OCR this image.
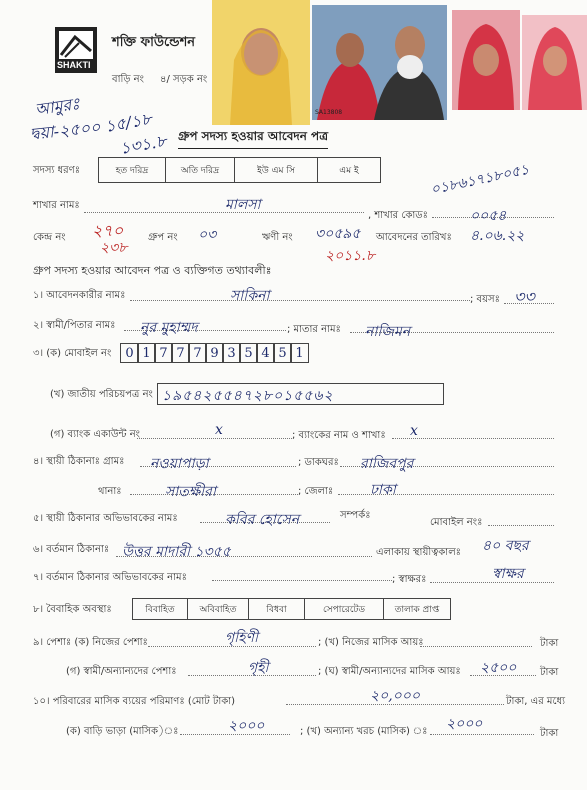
SHAKTI
শক্তি ফাউন্ডেশন
বাড়ি নং ৪/ সড়ক নং
SA13808
আমুরঃ
দ্বয়া-২৫০০ ১৫/১৮
১৩১.৮ গ্রুপ সদস্য হওয়ার আবেদন পত্র
সদস্য ধরণঃ	হত দরিদ্র	অতি দরিদ্র	ইউ এম সি	এম ই	০১৮৬১৭১৮০৫১
শাখার নামঃ	মালসা
, শাখার কোডঃ	০০৫৪
কেন্দ্র নং ২৭০
২৩৮
গ্রুপ নং ০৩	ঋণী নং ৩০৫৯৫
২০১১.৮
আবেদনের তারিখঃ ৪.০৬.২২
গ্রুপ সদস্য হওয়ার আবেদন পত্র ও ব্যক্তিগত তথ্যাবলীঃ
১। আবেদনকারীর নামঃ	সাকিনা	; বয়সঃ ৩৩
২। স্বামী/পিতার নামঃ নুর মুহাম্মদ	; মাতার নামঃ নাজিমন
৩। (ক) মোবাইল নং	0 1 7 7 7 9 3 5 4 5 1
(খ) জাতীয় পরিচয়পত্র নং ১৯৫৪২৫৫৪৭২৮০১৫৫৬২
(গ) ব্যাংক একাউন্ট নং	x	; ব্যাংকের নাম ও শাখাঃ x
৪। স্থায়ী ঠিকানাঃ গ্রামঃ নওয়াপাড়া	; ডাকঘরঃ রাজিবপুর
থানাঃ	সাতক্ষীরা	; জেলাঃ	ঢাকা
৫। স্থায়ী ঠিকানার অভিভাবকের নামঃ	কবির হোসেন	সম্পর্কঃ
মোবাইল নংঃ
৬। বর্তমান ঠিকানাঃ উত্তর মাদারী ১৩৫৫	এলাকায় স্থায়ীত্বকালঃ ৪০ বছর
৭। বর্তমান ঠিকানার অভিভাবকের নামঃ	; স্বাক্ষরঃ	স্বাক্ষর
৮। বৈবাহিক অবস্থাঃ	বিবাহিত	অবিবাহিত	বিধবা	সেপারেটেড	তালাক প্রাপ্ত
৯। পেশাঃ (ক) নিজের পেশাঃ	গৃহিণী	; (খ) নিজের মাসিক আয়ঃ	টাকা
(গ) স্বামী/অন্যান্যদের পেশাঃ	গৃহী	; (ঘ) স্বামী/অন্যান্যদের মাসিক আয়ঃ ২৫০০ টাকা
১০। পরিবারের মাসিক ব্যয়ের পরিমাণঃ (মোট টাকা)	২০,০০০	টাকা, এর মধ্যে
(ক) বাড়ি ভাড়া (মাসিক)ঃ	২০০০	; (খ) অন্যান্য খরচ (মাসিক) ঃ ২০০০
টাকা
